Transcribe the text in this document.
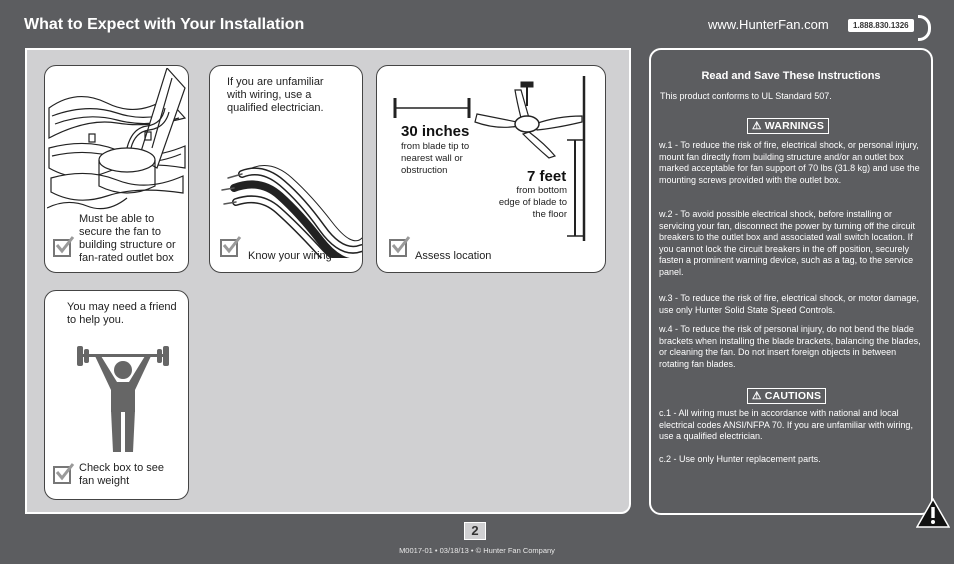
What to Expect with Your Installation	www.HunterFan.com	1.888.830.1326
Must be able to secure the fan to building structure or fan-rated outlet box
If you are unfamiliar with wiring, use a qualified electrician.
Know your wiring
30 inches
from blade tip to nearest wall or obstruction	7 feet
from bottom edge of blade to the floor
Assess location
You may need a friend to help you.
Check box to see fan weight
Read and Save These Instructions
This product conforms to UL Standard 507.
⚠ WARNINGS
w.1 - To reduce the risk of fire, electrical shock, or personal injury, mount fan directly from building structure and/or an outlet box marked acceptable for fan support of 70 lbs (31.8 kg) and use the mounting screws provided with the outlet box.
w.2 - To avoid possible electrical shock, before installing or servicing your fan, disconnect the power by turning off the circuit breakers to the outlet box and associated wall switch location. If you cannot lock the circuit breakers in the off position, securely fasten a prominent warning device, such as a tag, to the service panel.
w.3 - To reduce the risk of fire, electrical shock, or motor damage, use only Hunter Solid State Speed Controls.
w.4 - To reduce the risk of personal injury, do not bend the blade brackets when installing the blade brackets, balancing the blades, or cleaning the fan. Do not insert foreign objects in between rotating fan blades.
⚠ CAUTIONS
c.1 - All wiring must be in accordance with national and local electrical codes ANSI/NFPA 70. If you are unfamiliar with wiring, use a qualified electrician.
c.2 - Use only Hunter replacement parts.
2
M0017-01 • 03/18/13 • © Hunter Fan Company
